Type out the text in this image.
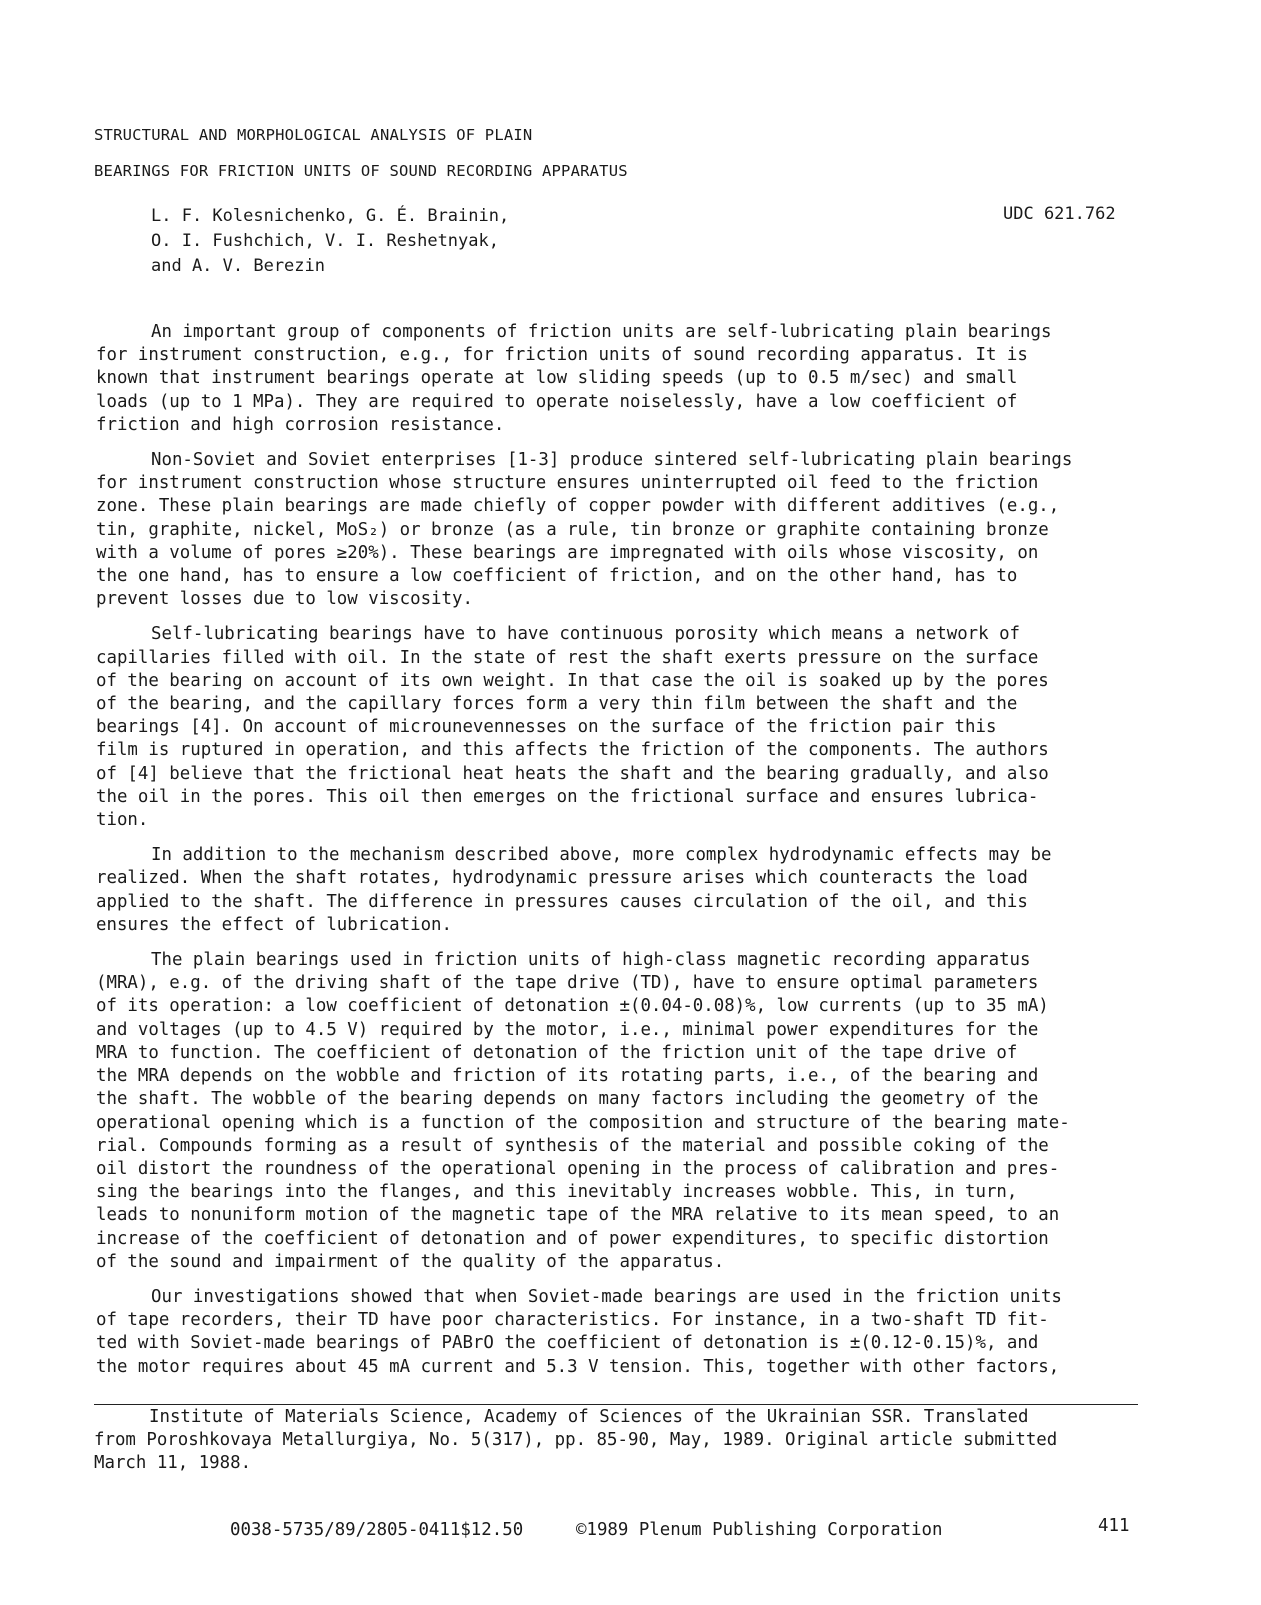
STRUCTURAL AND MORPHOLOGICAL ANALYSIS OF PLAIN
BEARINGS FOR FRICTION UNITS OF SOUND RECORDING APPARATUS
L. F. Kolesnichenko, G. É. Brainin,
O. I. Fushchich, V. I. Reshetnyak,
and A. V. Berezin
UDC 621.762
An important group of components of friction units are self-lubricating plain bearings
for instrument construction, e.g., for friction units of sound recording apparatus. It is
known that instrument bearings operate at low sliding speeds (up to 0.5 m/sec) and small
loads (up to 1 MPa). They are required to operate noiselessly, have a low coefficient of
friction and high corrosion resistance.
Non-Soviet and Soviet enterprises [1-3] produce sintered self-lubricating plain bearings
for instrument construction whose structure ensures uninterrupted oil feed to the friction
zone. These plain bearings are made chiefly of copper powder with different additives (e.g.,
tin, graphite, nickel, MoS₂) or bronze (as a rule, tin bronze or graphite containing bronze
with a volume of pores ≥20%). These bearings are impregnated with oils whose viscosity, on
the one hand, has to ensure a low coefficient of friction, and on the other hand, has to
prevent losses due to low viscosity.
Self-lubricating bearings have to have continuous porosity which means a network of
capillaries filled with oil. In the state of rest the shaft exerts pressure on the surface
of the bearing on account of its own weight. In that case the oil is soaked up by the pores
of the bearing, and the capillary forces form a very thin film between the shaft and the
bearings [4]. On account of microunevennesses on the surface of the friction pair this
film is ruptured in operation, and this affects the friction of the components. The authors
of [4] believe that the frictional heat heats the shaft and the bearing gradually, and also
the oil in the pores. This oil then emerges on the frictional surface and ensures lubrica-
tion.
In addition to the mechanism described above, more complex hydrodynamic effects may be
realized. When the shaft rotates, hydrodynamic pressure arises which counteracts the load
applied to the shaft. The difference in pressures causes circulation of the oil, and this
ensures the effect of lubrication.
The plain bearings used in friction units of high-class magnetic recording apparatus
(MRA), e.g. of the driving shaft of the tape drive (TD), have to ensure optimal parameters
of its operation: a low coefficient of detonation ±(0.04-0.08)%, low currents (up to 35 mA)
and voltages (up to 4.5 V) required by the motor, i.e., minimal power expenditures for the
MRA to function. The coefficient of detonation of the friction unit of the tape drive of
the MRA depends on the wobble and friction of its rotating parts, i.e., of the bearing and
the shaft. The wobble of the bearing depends on many factors including the geometry of the
operational opening which is a function of the composition and structure of the bearing mate-
rial. Compounds forming as a result of synthesis of the material and possible coking of the
oil distort the roundness of the operational opening in the process of calibration and pres-
sing the bearings into the flanges, and this inevitably increases wobble. This, in turn,
leads to nonuniform motion of the magnetic tape of the MRA relative to its mean speed, to an
increase of the coefficient of detonation and of power expenditures, to specific distortion
of the sound and impairment of the quality of the apparatus.
Our investigations showed that when Soviet-made bearings are used in the friction units
of tape recorders, their TD have poor characteristics. For instance, in a two-shaft TD fit-
ted with Soviet-made bearings of PABrO the coefficient of detonation is ±(0.12-0.15)%, and
the motor requires about 45 mA current and 5.3 V tension. This, together with other factors,
Institute of Materials Science, Academy of Sciences of the Ukrainian SSR. Translated
from Poroshkovaya Metallurgiya, No. 5(317), pp. 85-90, May, 1989. Original article submitted
March 11, 1988.
0038-5735/89/2805-0411$12.50	©1989 Plenum Publishing Corporation	411
